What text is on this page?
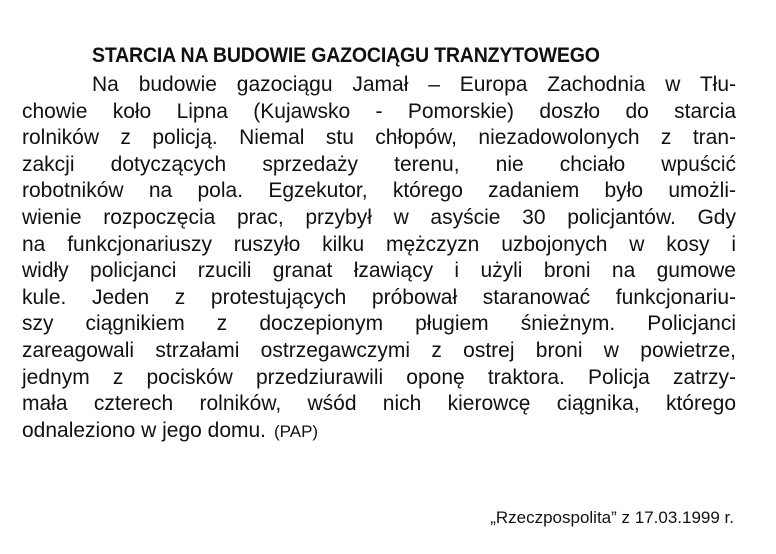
STARCIA NA BUDOWIE GAZOCIĄGU TRANZYTOWEGO
Na budowie gazociągu Jamał – Europa Zachodnia w Tłu-
chowie koło Lipna (Kujawsko - Pomorskie) doszło do starcia
rolników z policją. Niemal stu chłopów, niezadowolonych z tran-
zakcji dotyczących sprzedaży terenu, nie chciało wpuścić
robotników na pola. Egzekutor, którego zadaniem było umożli-
wienie rozpoczęcia prac, przybył w asyście 30 policjantów. Gdy
na funkcjonariuszy ruszyło kilku mężczyzn uzbojonych w kosy i
widły policjanci rzucili granat łzawiący i użyli broni na gumowe
kule. Jeden z protestujących próbował staranować funkcjonariu-
szy ciągnikiem z doczepionym pługiem śnieżnym. Policjanci
zareagowali strzałami ostrzegawczymi z ostrej broni w powietrze,
jednym z pocisków przedziurawili oponę traktora. Policja zatrzy-
mała czterech rolników, wśód nich kierowcę ciągnika, którego
odnaleziono w jego domu. (PAP)
„Rzeczpospolita” z 17.03.1999 r.
